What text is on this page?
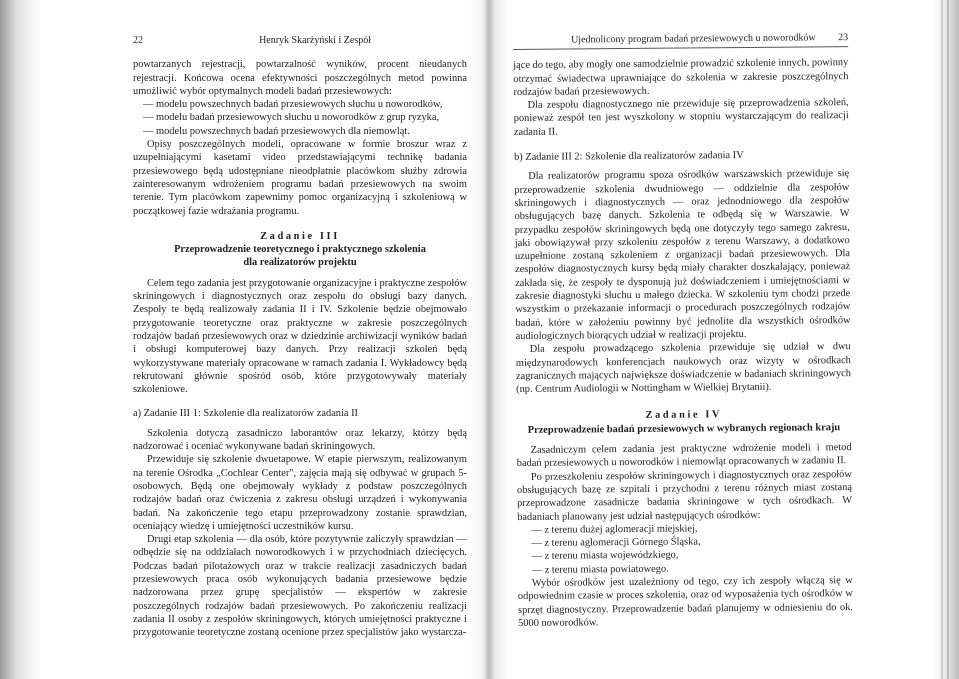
22	Henryk Skarżyński i Zespół

powtarzanych rejestracji, powtarzalność wyników, procent nieudanych rejestracji. Końcowa ocena efektywności poszczególnych metod powinna umożliwić wybór optymalnych modeli badań przesiewowych:

— modelu powszechnych badań przesiewowych słuchu u noworodków,

— modelu badań przesiewowych słuchu u noworodków z grup ryzyka,

— modelu powszechnych badań przesiewowych dla niemowląt.

Opisy poszczególnych modeli, opracowane w formie broszur wraz z uzupełniającymi kasetami video przedstawiającymi technikę badania przesiewowego będą udostępniane nieodpłatnie placówkom służby zdrowia zainteresowanym wdrożeniem programu badań przesiewowych na swoim terenie. Tym placówkom zapewnimy pomoc organizacyjną i szkoleniową w początkowej fazie wdrażania programu.

Zadanie III
Przeprowadzenie teoretycznego i praktycznego szkolenia
dla realizatorów projektu

Celem tego zadania jest przygotowanie organizacyjne i praktyczne zespołów skriningowych i diagnostycznych oraz zespołu do obsługi bazy danych. Zespoły te będą realizowały zadania II i IV. Szkolenie będzie obejmowało przygotowanie teoretyczne oraz praktyczne w zakresie poszczególnych rodzajów badań przesiewowych oraz w dziedzinie archiwizacji wyników badań i obsługi komputerowej bazy danych. Przy realizacji szkoleń będą wykorzystywane materiały opracowane w ramach zadania I. Wykładowcy będą rekrutowani głównie spośród osób, które przygotowywały materiały szkoleniowe.

a) Zadanie III 1: Szkolenie dla realizatorów zadania II

Szkolenia dotyczą zasadniczo laborantów oraz lekarzy, którzy będą nadzorować i oceniać wykonywane badań skriningowych.

Przewiduje się szkolenie dwuetapowe. W etapie pierwszym, realizowanym na terenie Ośrodka „Cochlear Center", zajęcia mają się odbywać w grupach 5-osobowych. Będą one obejmowały wykłady z podstaw poszczególnych rodzajów badań oraz ćwiczenia z zakresu obsługi urządzeń i wykonywania badań. Na zakończenie tego etapu przeprowadzony zostanie sprawdzian, oceniający wiedzę i umiejętności uczestników kursu.

Drugi etap szkolenia — dla osób, które pozytywnie zaliczyły sprawdzian — odbędzie się na oddziałach noworodkowych i w przychodniach dziecięcych. Podczas badań pilotażowych oraz w trakcie realizacji zasadniczych badań przesiewowych praca osób wykonujących badania przesiewowe będzie nadzorowana przez grupę specjalistów — ekspertów w zakresie poszczególnych rodzajów badań przesiewowych. Po zakończeniu realizacji zadania II osoby z zespołów skriningowych, których umiejętności praktyczne i przygotowanie teoretyczne zostaną ocenione przez specjalistów jako wystarcza-

Ujednolicony program badań przesiewowych u noworodków 23

jące do tego, aby mogły one samodzielnie prowadzić szkolenie innych, powinny otrzymać świadectwa uprawniające do szkolenia w zakresie poszczególnych rodzajów badań przesiewowych.

Dla zespołu diagnostycznego nie przewiduje się przeprowadzenia szkoleń, ponieważ zespół ten jest wyszkolony w stopniu wystarczającym do realizacji zadania II.

b) Zadanie III 2: Szkolenie dla realizatorów zadania IV

Dla realizatorów programu spoza ośrodków warszawskich przewiduje się przeprowadzenie szkolenia dwudniowego — oddzielnie dla zespołów skriningowych i diagnostycznych — oraz jednodniowego dla zespołów obsługujących bazę danych. Szkolenia te odbędą się w Warszawie. W przypadku zespołów skriningowych będą one dotyczyły tego samego zakresu, jaki obowiązywał przy szkoleniu zespołów z terenu Warszawy, a dodatkowo uzupełnione zostaną szkoleniem z organizacji badań przesiewowych. Dla zespołów diagnostycznych kursy będą miały charakter doszkalający, ponieważ zakłada się, że zespoły te dysponują już doświadczeniem i umiejętnościami w zakresie diagnostyki słuchu u małego dziecka. W szkoleniu tym chodzi przede wszystkim o przekazanie informacji o procedurach poszczególnych rodzajów badań, które w założeniu powinny być jednolite dla wszystkich ośrodków audiologicznych biorących udział w realizacji projektu.

Dla zespołu prowadzącego szkolenia przewiduje się udział w dwu międzynarodowych konferencjach naukowych oraz wizyty w ośrodkach zagranicznych mających największe doświadczenie w badaniach skriningowych (np. Centrum Audiologii w Nottingham w Wielkiej Brytanii).

Zadanie IV
Przeprowadzenie badań przesiewowych w wybranych regionach kraju

Zasadniczym celem zadania jest praktyczne wdrożenie modeli i metod badań przesiewowych u noworodków i niemowląt opracowanych w zadaniu II.

Po przeszkoleniu zespołów skriningowych i diagnostycznych oraz zespołów obsługujących bazę ze szpitali i przychodni z terenu różnych miast zostaną przeprowadzone zasadnicze badania skriningowe w tych ośrodkach. W badaniach planowany jest udział następujących ośrodków:

— z terenu dużej aglomeracji miejskiej,

— z terenu aglomeracji Górnego Śląska,

— z terenu miasta wojewódzkiego,

— z terenu miasta powiatowego.

Wybór ośrodków jest uzależniony od tego, czy ich zespoły włączą się w odpowiednim czasie w proces szkolenia, oraz od wyposażenia tych ośrodków w sprzęt diagnostyczny. Przeprowadzenie badań planujemy w odniesieniu do ok. 5000 noworodków.
